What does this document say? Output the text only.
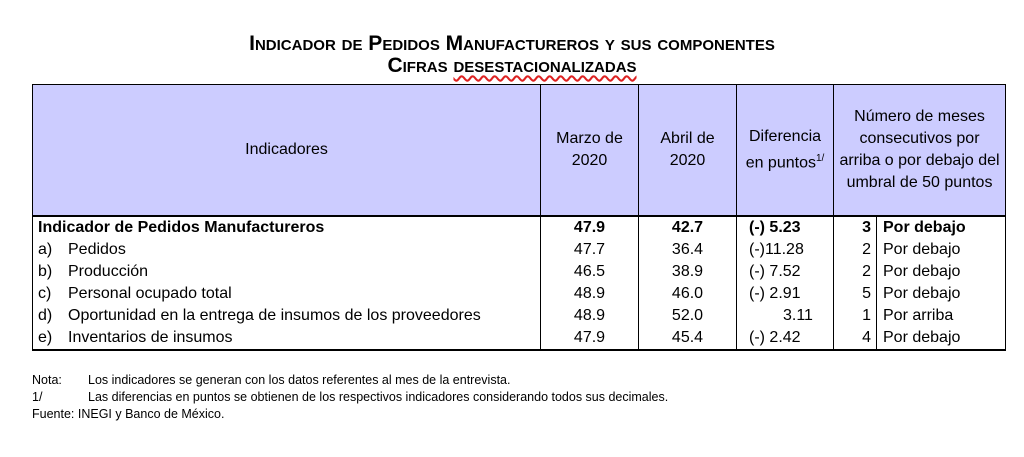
Indicador de Pedidos Manufactureros y sus componentes
Cifras desestacionalizadas
Indicadores	Marzo de 2020	Abril de 2020	Diferencia en puntos$^{1/}$	Número de meses consecutivos por arriba o por debajo del umbral de 50 puntos	
Indicador de Pedidos Manufactureros	47.9	42.7	(-) 5.23	3	Por debajo
a) Pedidos	47.7	36.4	(-)11.28	2	Por debajo
b) Producción	46.5	38.9	(-) 7.52	2	Por debajo
c) Personal ocupado total	48.9	46.0	(-) 2.91	5	Por debajo
d) Oportunidad en la entrega de insumos de los proveedores	48.9	52.0	3.11	1	Por arriba
e) Inventarios de insumos	47.9	45.4	(-) 2.42	4	Por debajo
Nota:	Los indicadores se generan con los datos referentes al mes de la entrevista.
1/	Las diferencias en puntos se obtienen de los respectivos indicadores considerando todos sus decimales.
Fuente: INEGI y Banco de México.
